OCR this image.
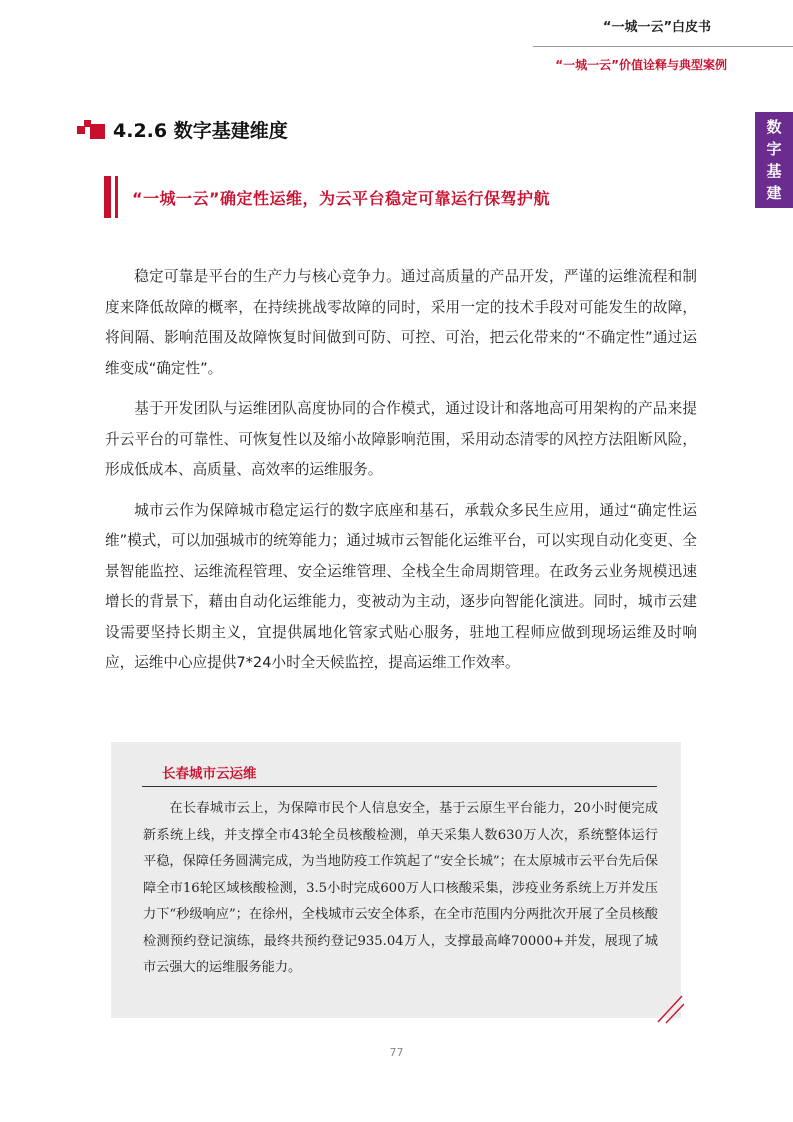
“一城一云”白皮书
“一城一云”价值诠释与典型案例
数
字
基
建
4.2.6 数字基建维度
“一城一云”确定性运维，为云平台稳定可靠运行保驾护航

稳定可靠是平台的生产力与核心竞争力。通过高质量的产品开发，严谨的运维流程和制度来降低故障的概率，在持续挑战零故障的同时，采用一定的技术手段对可能发生的故障，将间隔、影响范围及故障恢复时间做到可防、可控、可治，把云化带来的“不确定性”通过运维变成“确定性”。

基于开发团队与运维团队高度协同的合作模式，通过设计和落地高可用架构的产品来提升云平台的可靠性、可恢复性以及缩小故障影响范围，采用动态清零的风控方法阻断风险，形成低成本、高质量、高效率的运维服务。

城市云作为保障城市稳定运行的数字底座和基石，承载众多民生应用，通过“确定性运维”模式，可以加强城市的统筹能力；通过城市云智能化运维平台，可以实现自动化变更、全景智能监控、运维流程管理、安全运维管理、全栈全生命周期管理。在政务云业务规模迅速增长的背景下，藉由自动化运维能力，变被动为主动，逐步向智能化演进。同时，城市云建设需要坚持长期主义，宜提供属地化管家式贴心服务，驻地工程师应做到现场运维及时响应，运维中心应提供7*24小时全天候监控，提高运维工作效率。

长春城市云运维

在长春城市云上，为保障市民个人信息安全，基于云原生平台能力，20小时便完成新系统上线，并支撑全市43轮全员核酸检测，单天采集人数630万人次，系统整体运行平稳，保障任务圆满完成，为当地防疫工作筑起了“安全长城”；在太原城市云平台先后保障全市16轮区域核酸检测，3.5小时完成600万人口核酸采集，涉疫业务系统上万并发压力下“秒级响应”；在徐州，全栈城市云安全体系，在全市范围内分两批次开展了全员核酸检测预约登记演练，最终共预约登记935.04万人，支撑最高峰70000+并发，展现了城市云强大的运维服务能力。

77
